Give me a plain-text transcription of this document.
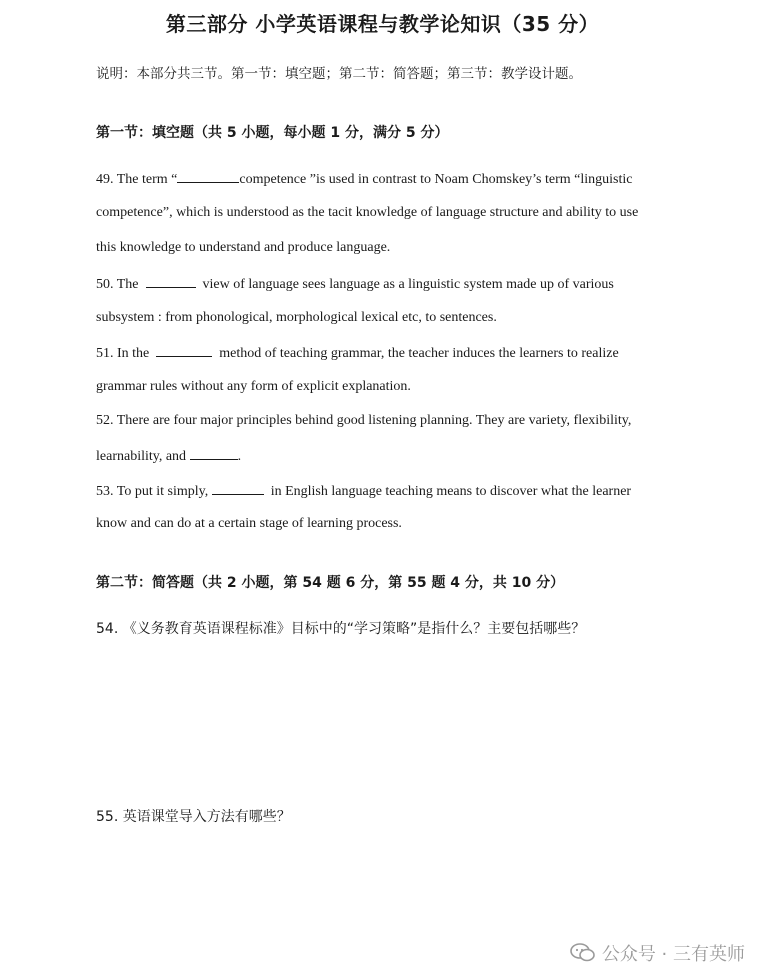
第三部分 小学英语课程与教学论知识（35 分）
说明：本部分共三节。第一节：填空题；第二节：简答题；第三节：教学设计题。
第一节：填空题（共 5 小题，每小题 1 分，满分 5 分）
49. The term “	competence ”is used in contrast to Noam Chomskey’s term “linguistic
competence”, which is understood as the tacit knowledge of language structure and ability to use
this knowledge to understand and produce language.
50. The	view of language sees language as a linguistic system made up of various
subsystem : from phonological, morphological lexical etc, to sentences.
51. In the	method of teaching grammar, the teacher induces the learners to realize
grammar rules without any form of explicit explanation.
52. There are four major principles behind good listening planning. They are variety, flexibility,
learnability, and	.
53. To put it simply,	in English language teaching means to discover what the learner
know and can do at a certain stage of learning process.
第二节：简答题（共 2 小题，第 54 题 6 分，第 55 题 4 分，共 10 分）
54. 《义务教育英语课程标准》目标中的“学习策略”是指什么？主要包括哪些？
55. 英语课堂导入方法有哪些？
公众号 · 三有英师
